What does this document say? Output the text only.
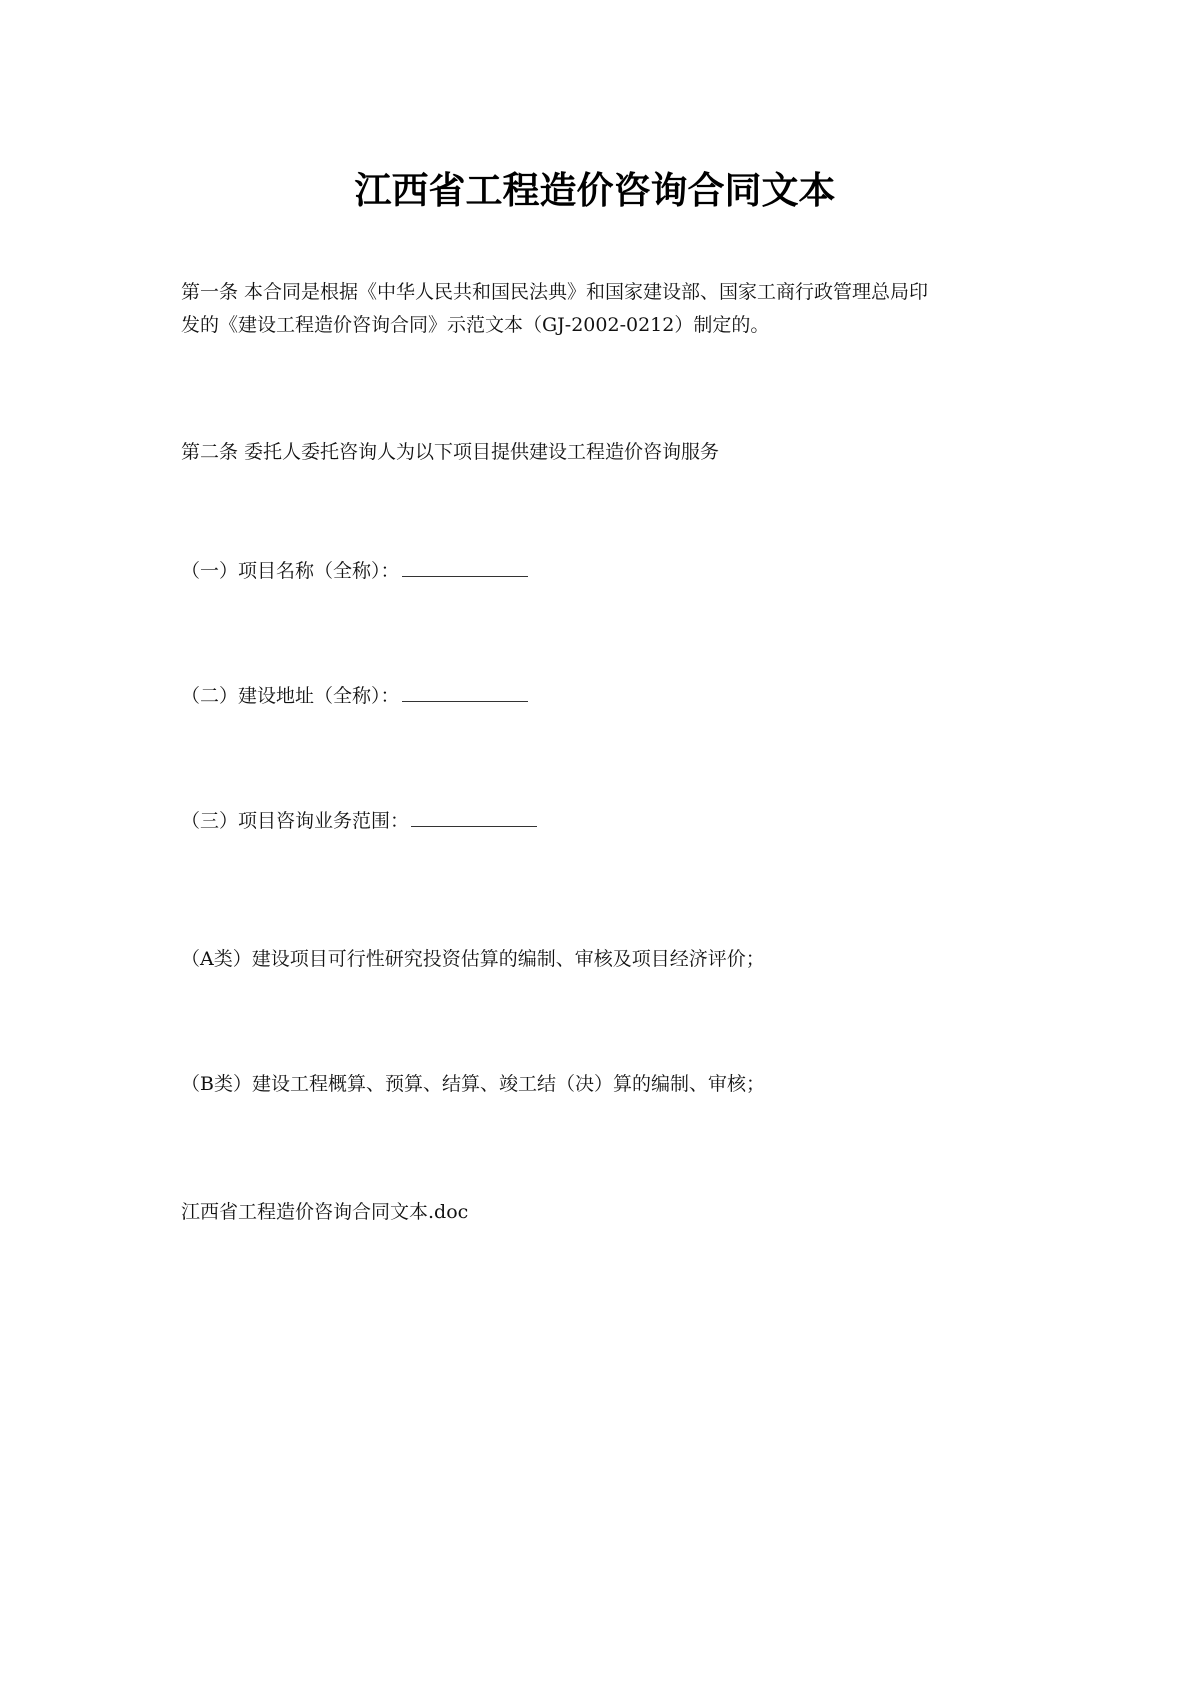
江西省工程造价咨询合同文本
第一条 本合同是根据《中华人民共和国民法典》和国家建设部、国家工商行政管理总局印
发的《建设工程造价咨询合同》示范文本（GJ-2002-0212）制定的。
第二条 委托人委托咨询人为以下项目提供建设工程造价咨询服务
（一）项目名称（全称）：
（二）建设地址（全称）：
（三）项目咨询业务范围：
（A类）建设项目可行性研究投资估算的编制、审核及项目经济评价；
（B类）建设工程概算、预算、结算、竣工结（决）算的编制、审核；
江西省工程造价咨询合同文本.doc
